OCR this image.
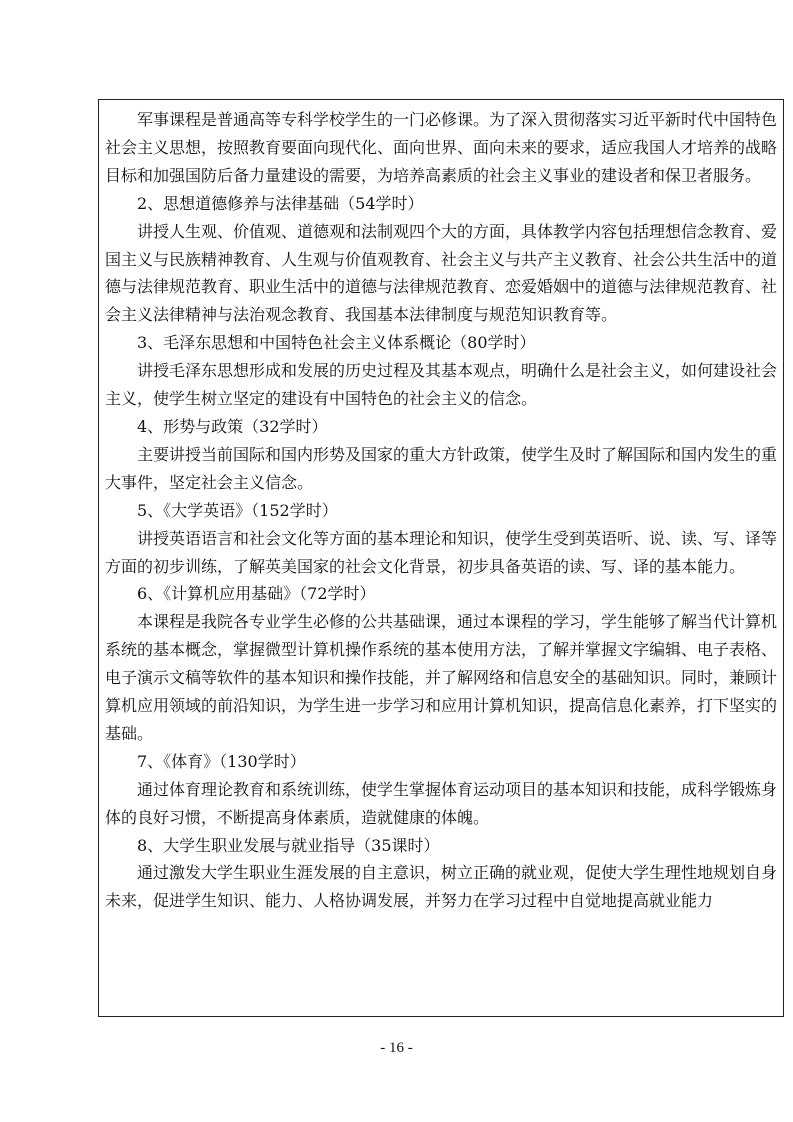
军事课程是普通高等专科学校学生的一门必修课。为了深入贯彻落实习近平新时代中国特色社会主义思想，按照教育要面向现代化、面向世界、面向未来的要求，适应我国人才培养的战略目标和加强国防后备力量建设的需要，为培养高素质的社会主义事业的建设者和保卫者服务。

2、思想道德修养与法律基础（54学时）

讲授人生观、价值观、道德观和法制观四个大的方面，具体教学内容包括理想信念教育、爱国主义与民族精神教育、人生观与价值观教育、社会主义与共产主义教育、社会公共生活中的道德与法律规范教育、职业生活中的道德与法律规范教育、恋爱婚姻中的道德与法律规范教育、社会主义法律精神与法治观念教育、我国基本法律制度与规范知识教育等。

3、毛泽东思想和中国特色社会主义体系概论（80学时）

讲授毛泽东思想形成和发展的历史过程及其基本观点，明确什么是社会主义，如何建设社会主义，使学生树立坚定的建设有中国特色的社会主义的信念。

4、形势与政策（32学时）

主要讲授当前国际和国内形势及国家的重大方针政策，使学生及时了解国际和国内发生的重大事件，坚定社会主义信念。

5、《大学英语》（152学时）

讲授英语语言和社会文化等方面的基本理论和知识，使学生受到英语听、说、读、写、译等方面的初步训练，了解英美国家的社会文化背景，初步具备英语的读、写、译的基本能力。

6、《计算机应用基础》（72学时）

本课程是我院各专业学生必修的公共基础课，通过本课程的学习，学生能够了解当代计算机系统的基本概念，掌握微型计算机操作系统的基本使用方法，了解并掌握文字编辑、电子表格、电子演示文稿等软件的基本知识和操作技能，并了解网络和信息安全的基础知识。同时，兼顾计算机应用领域的前沿知识，为学生进一步学习和应用计算机知识，提高信息化素养，打下坚实的基础。

7、《体育》（130学时）

通过体育理论教育和系统训练，使学生掌握体育运动项目的基本知识和技能，成科学锻炼身体的良好习惯，不断提高身体素质，造就健康的体魄。

8、大学生职业发展与就业指导（35课时）

通过激发大学生职业生涯发展的自主意识，树立正确的就业观，促使大学生理性地规划自身未来，促进学生知识、能力、人格协调发展，并努力在学习过程中自觉地提高就业能力

- 16 -
